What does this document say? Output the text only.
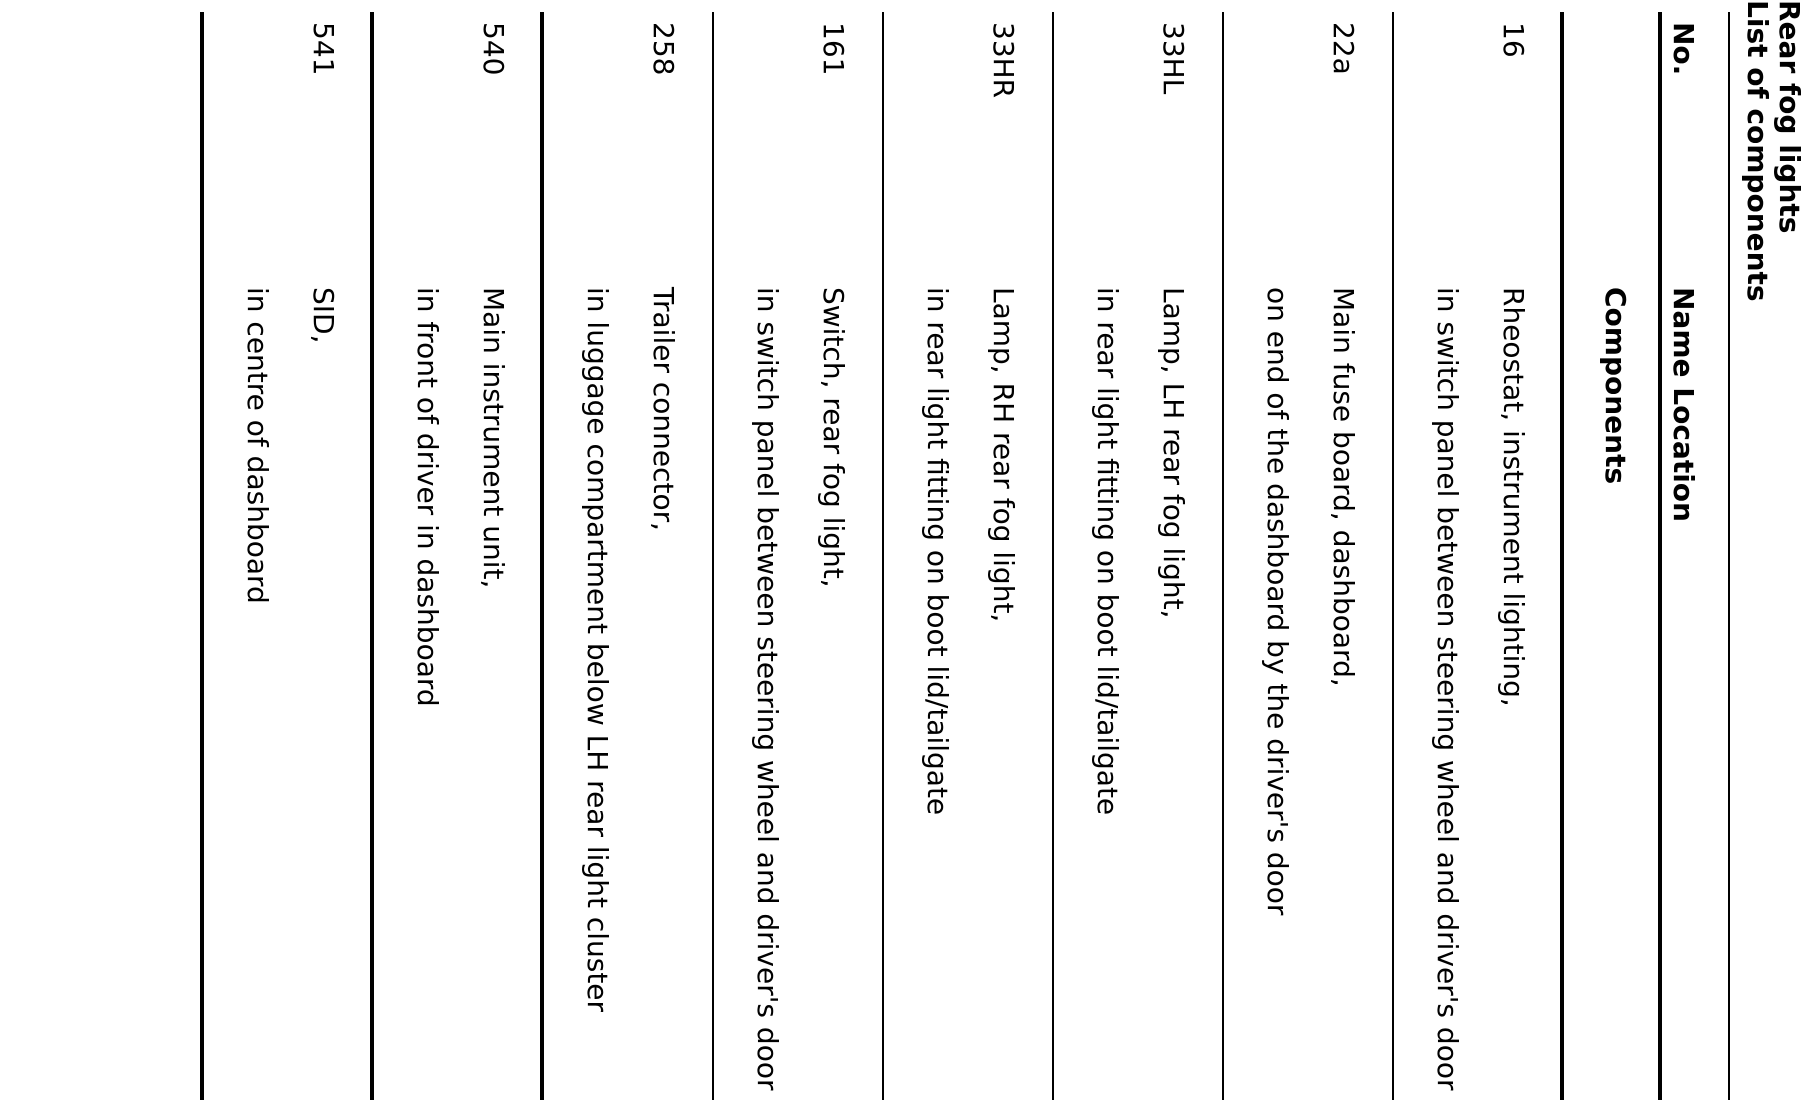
Rear fog lights
List of components
No.
Name Location
Components
16
Rheostat, instrument lighting,
in switch panel between steering wheel and driver's door
22a
Main fuse board, dashboard,
on end of the dashboard by the driver's door
33HL
Lamp, LH rear fog light,
in rear light fitting on boot lid/tailgate
33HR
Lamp, RH rear fog light,
in rear light fitting on boot lid/tailgate
161
Switch, rear fog light,
in switch panel between steering wheel and driver's door
258
Trailer connector,
in luggage compartment below LH rear light cluster
540
Main instrument unit,
in front of driver in dashboard
541
SID,
in centre of dashboard
